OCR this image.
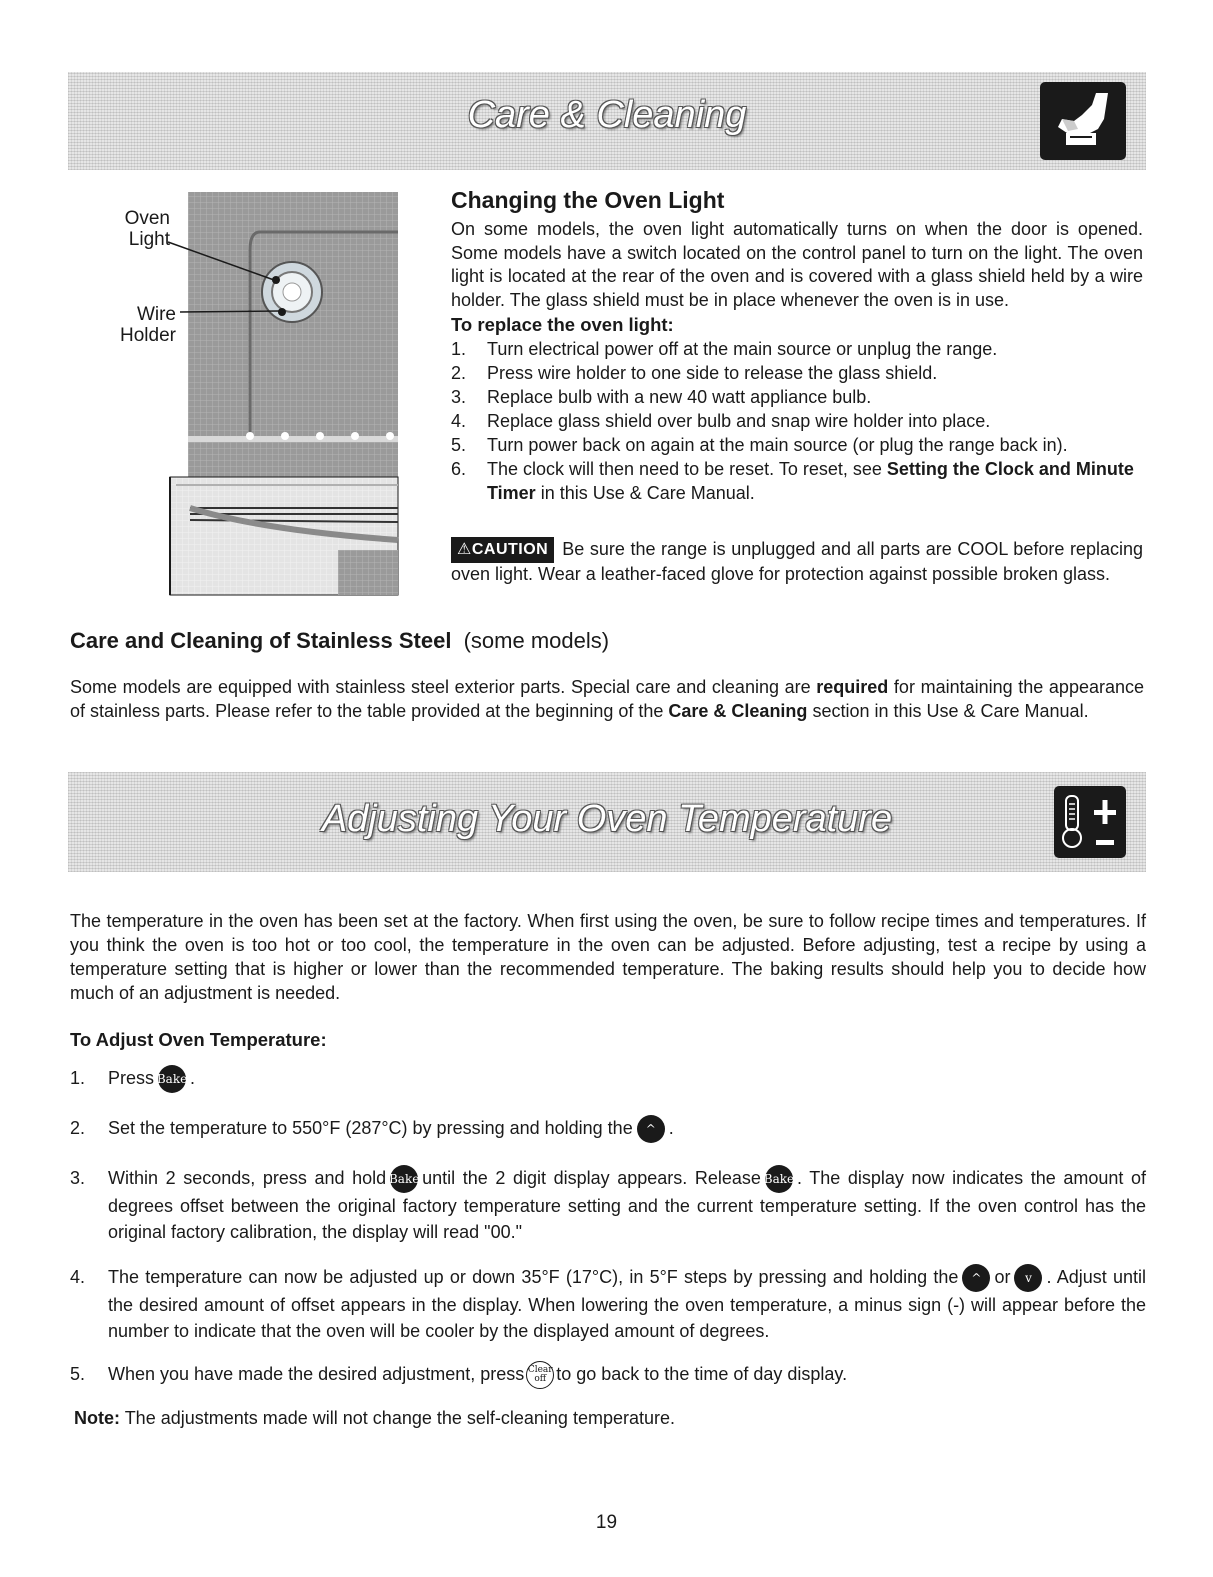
Care & Cleaning
Oven Light
Wire Holder
Changing the Oven Light

On some models, the oven light automatically turns on when the door is opened. Some models have a switch located on the control panel to turn on the light. The oven light is located at the rear of the oven and is covered with a glass shield held by a wire holder. The glass shield must be in place whenever the oven is in use.

To replace the oven light:
1. Turn electrical power off at the main source or unplug the range.
2. Press wire holder to one side to release the glass shield.
3. Replace bulb with a new 40 watt appliance bulb.
4. Replace glass shield over bulb and snap wire holder into place.
5. Turn power back on again at the main source (or plug the range back in).
6. The clock will then need to be reset. To reset, see Setting the Clock and Minute Timer in this Use & Care Manual.

⚠CAUTION Be sure the range is unplugged and all parts are COOL before replacing oven light. Wear a leather-faced glove for protection against possible broken glass.

Care and Cleaning of Stainless Steel (some models)

Some models are equipped with stainless steel exterior parts. Special care and cleaning are required for maintaining the appearance of stainless parts. Please refer to the table provided at the beginning of the Care & Cleaning section in this Use & Care Manual.

Adjusting Your Oven Temperature

The temperature in the oven has been set at the factory. When first using the oven, be sure to follow recipe times and temperatures. If you think the oven is too hot or too cool, the temperature in the oven can be adjusted. Before adjusting, test a recipe by using a temperature setting that is higher or lower than the recommended temperature. The baking results should help you to decide how much of an adjustment is needed.

To Adjust Oven Temperature:
1. Press Bake .
2. Set the temperature to 550°F (287°C) by pressing and holding the ^ .
3. Within 2 seconds, press and hold Bake until the 2 digit display appears. Release Bake . The display now indicates the amount of degrees offset between the original factory temperature setting and the current temperature setting. If the oven control has the original factory calibration, the display will read "00."
4. The temperature can now be adjusted up or down 35°F (17°C), in 5°F steps by pressing and holding the ^ or v . Adjust until the desired amount of offset appears in the display. When lowering the oven temperature, a minus sign (-) will appear before the number to indicate that the oven will be cooler by the displayed amount of degrees.
5. When you have made the desired adjustment, press Clear
off to go back to the time of day display.
Note: The adjustments made will not change the self-cleaning temperature.
19
